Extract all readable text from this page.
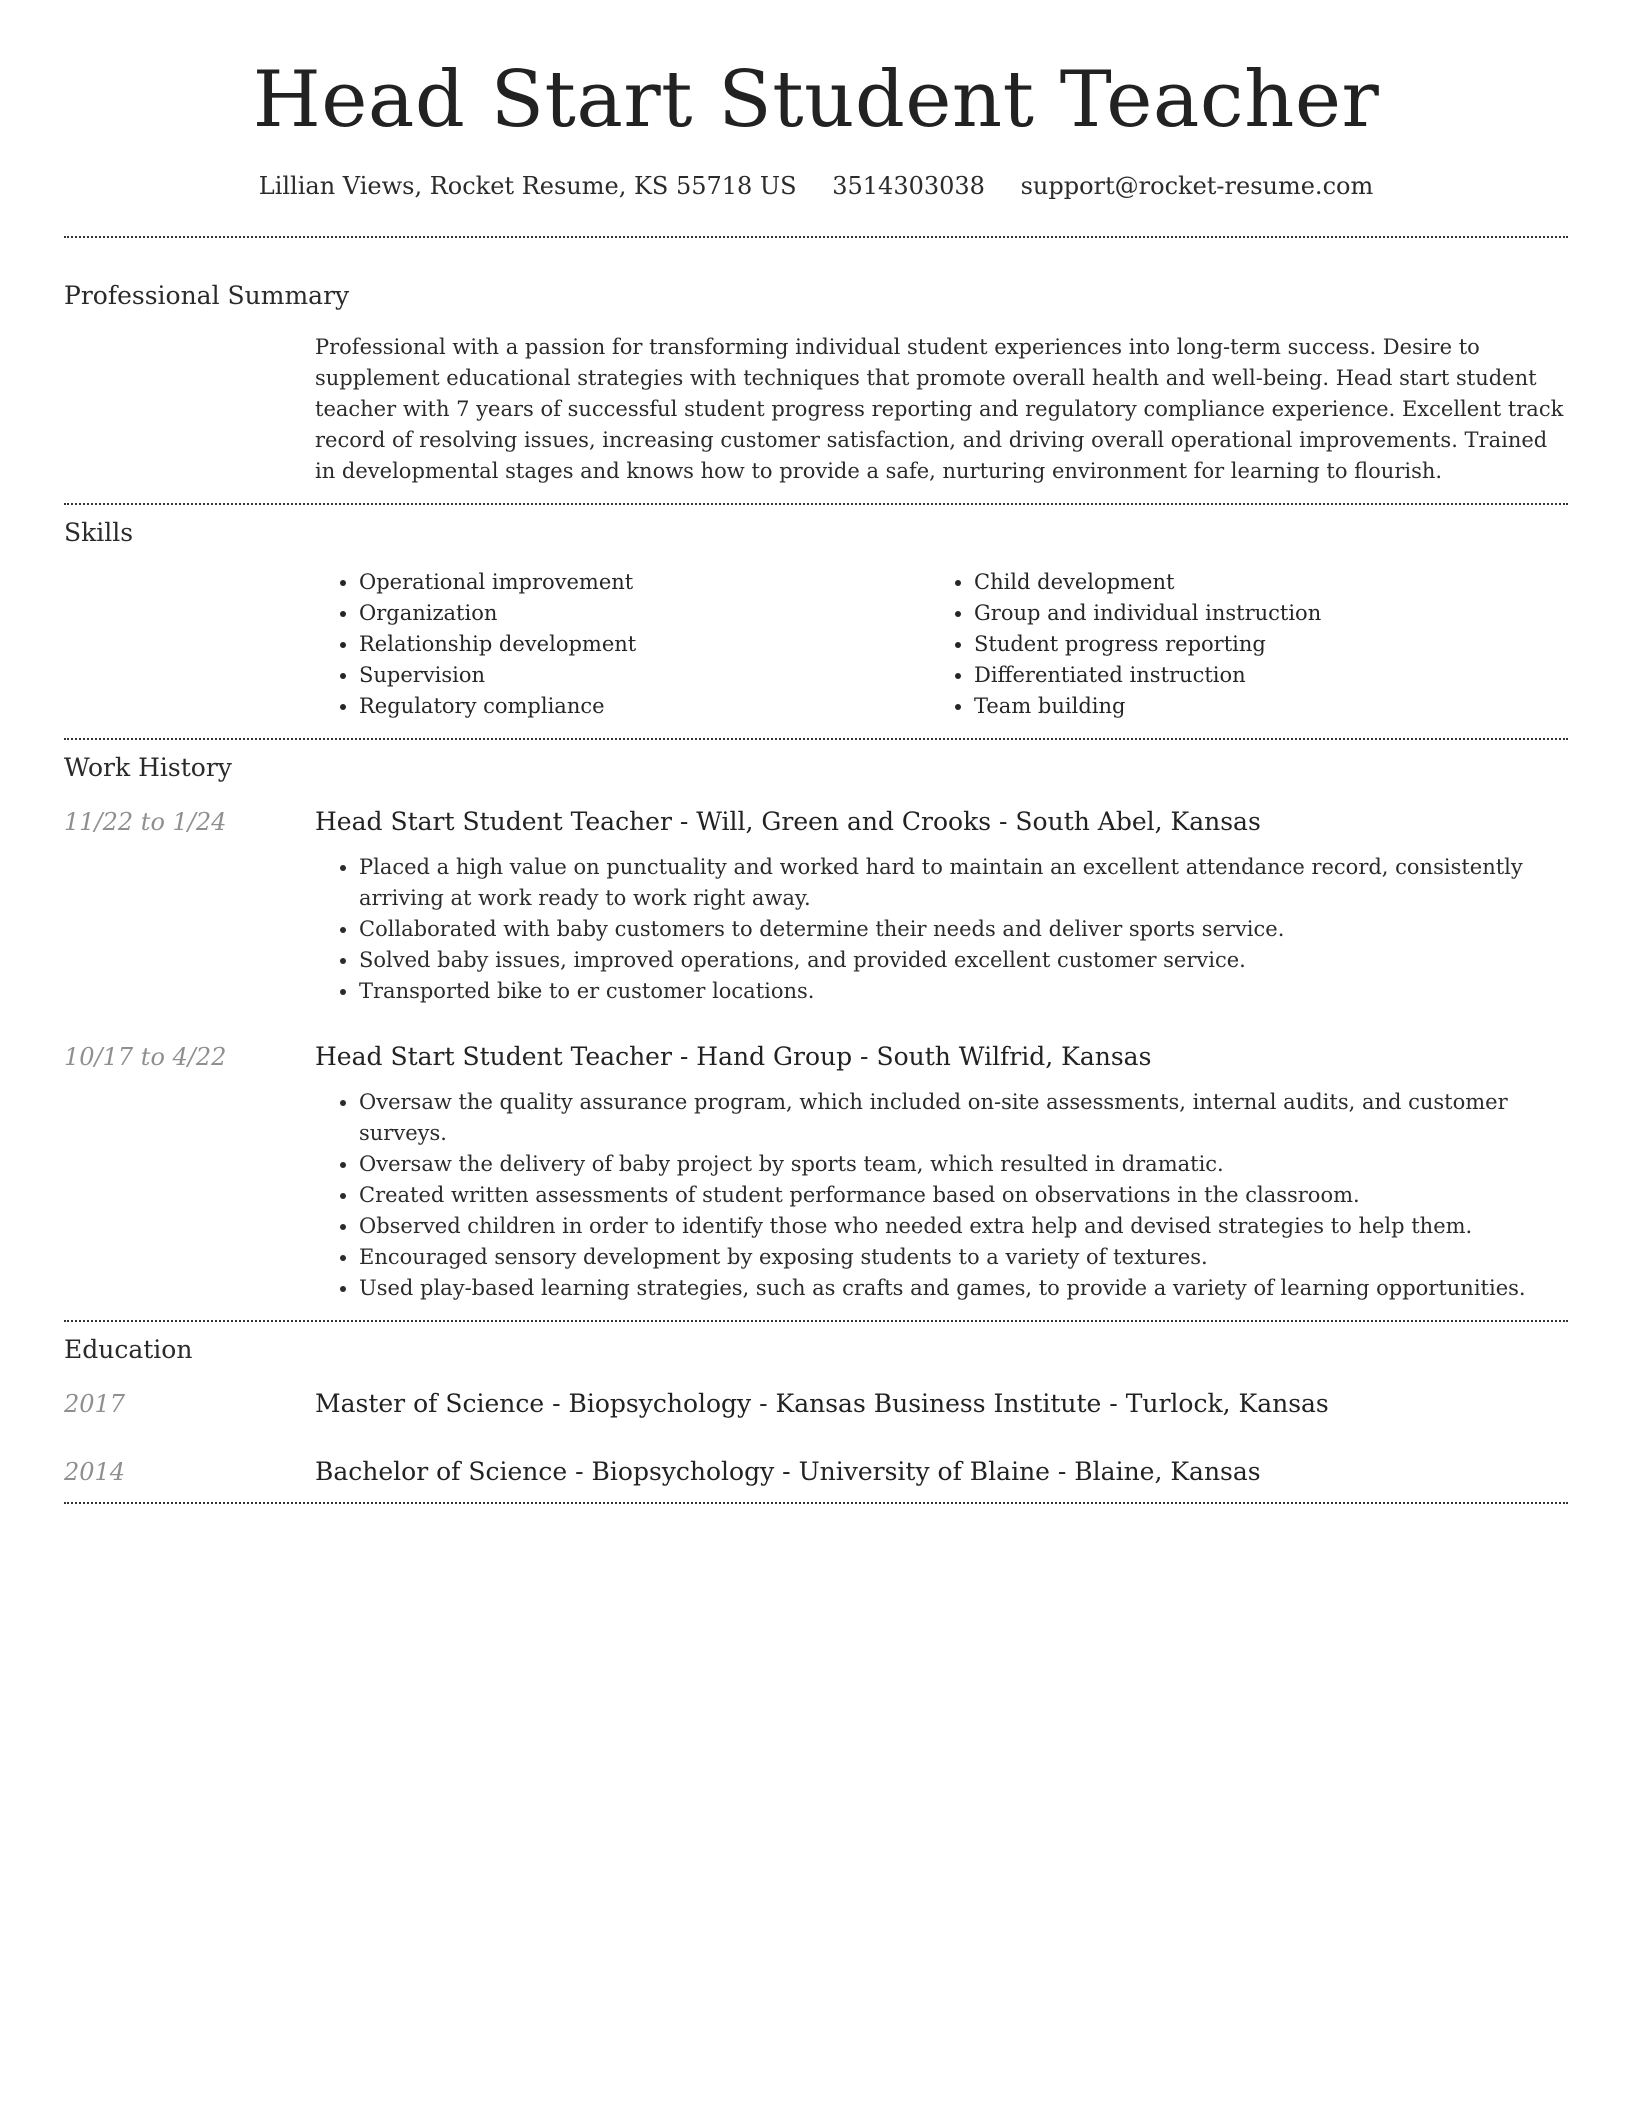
Head Start Student Teacher
Lillian Views, Rocket Resume, KS 55718 US 3514303038 support@rocket-resume.com
Professional Summary
Professional with a passion for transforming individual student experiences into long-term success. Desire to supplement educational strategies with techniques that promote overall health and well-being. Head start student teacher with 7 years of successful student progress reporting and regulatory compliance experience. Excellent track record of resolving issues, increasing customer satisfaction, and driving overall operational improvements. Trained in developmental stages and knows how to provide a safe, nurturing environment for learning to flourish.
Skills
• Operational improvement
• Organization
• Relationship development
• Supervision
• Regulatory compliance
• Child development
• Group and individual instruction
• Student progress reporting
• Differentiated instruction
• Team building
Work History
11/22 to 1/24	Head Start Student Teacher - Will, Green and Crooks - South Abel, Kansas
• Placed a high value on punctuality and worked hard to maintain an excellent attendance record, consistently arriving at work ready to work right away.
• Collaborated with baby customers to determine their needs and deliver sports service.
• Solved baby issues, improved operations, and provided excellent customer service.
• Transported bike to er customer locations.
10/17 to 4/22	Head Start Student Teacher - Hand Group - South Wilfrid, Kansas
• Oversaw the quality assurance program, which included on-site assessments, internal audits, and customer surveys.
• Oversaw the delivery of baby project by sports team, which resulted in dramatic.
• Created written assessments of student performance based on observations in the classroom.
• Observed children in order to identify those who needed extra help and devised strategies to help them.
• Encouraged sensory development by exposing students to a variety of textures.
• Used play-based learning strategies, such as crafts and games, to provide a variety of learning opportunities.
Education
2017	Master of Science - Biopsychology - Kansas Business Institute - Turlock, Kansas
2014	Bachelor of Science - Biopsychology - University of Blaine - Blaine, Kansas
